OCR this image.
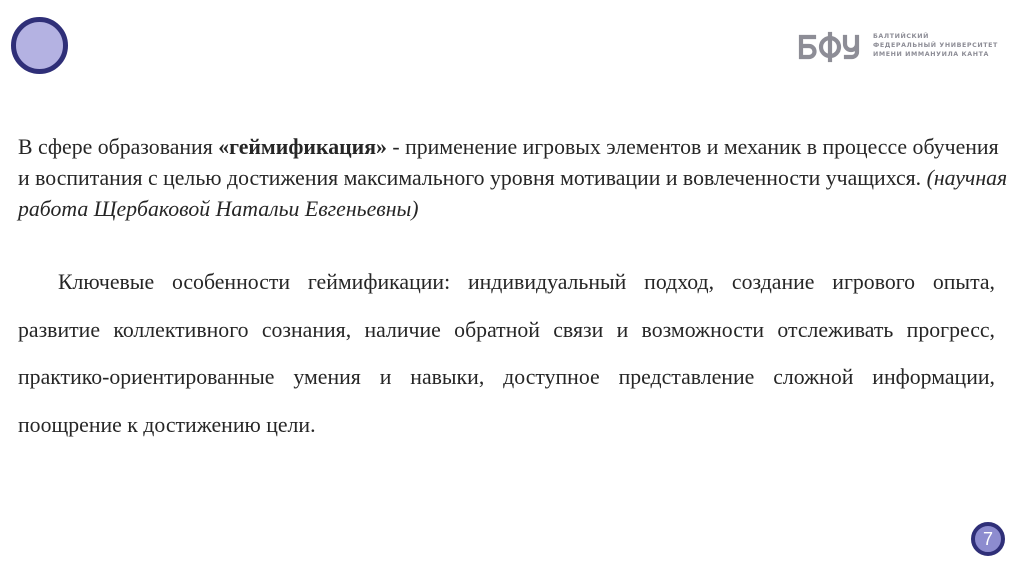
БАЛТИЙСКИЙ
ФЕДЕРАЛЬНЫЙ УНИВЕРСИТЕТ
ИМЕНИ ИММАНУИЛА КАНТА

В сфере образования «геймификация» - применение игровых элементов и механик в процессе обучения и воспитания с целью достижения максимального уровня мотивации и вовлеченности учащихся. (научная работа Щербаковой Натальи Евгеньевны)

Ключевые особенности геймификации: индивидуальный подход, создание игрового опыта, развитие коллективного сознания, наличие обратной связи и возможности отслеживать прогресс, практико-ориентированные умения и навыки, доступное представление сложной информации, поощрение к достижению цели.

7
